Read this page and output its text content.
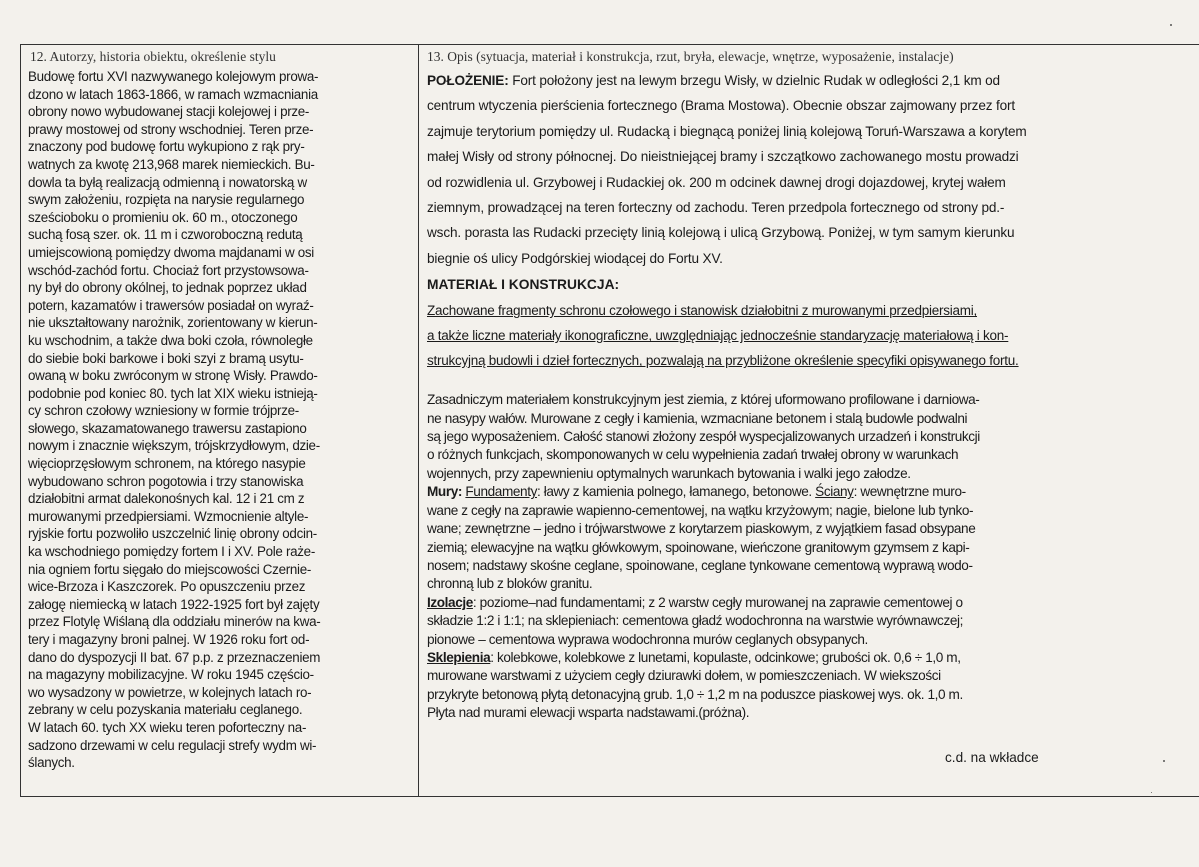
12. Autorzy, historia obiektu, określenie stylu	13. Opis (sytuacja, materiał i konstrukcja, rzut, bryła, elewacje, wnętrze, wyposażenie, instalacje)
Budowę fortu XVI nazwywanego kolejowym prowa-
dzono w latach 1863-1866, w ramach wzmacniania
obrony nowo wybudowanej stacji kolejowej i prze-
prawy mostowej od strony wschodniej. Teren prze-
znaczony pod budowę fortu wykupiono z rąk pry-
watnych za kwotę 213,968 marek niemieckich. Bu-
dowla ta byłą realizacją odmienną i nowatorską w
swym założeniu, rozpięta na narysie regularnego
sześcioboku o promieniu ok. 60 m., otoczonego
suchą fosą szer. ok. 11 m i czworoboczną redutą
umiejscowioną pomiędzy dwoma majdanami w osi
wschód-zachód fortu. Chociaż fort przystowsowa-
ny był do obrony okólnej, to jednak poprzez układ
potern, kazamatów i trawersów posiadał on wyraź-
nie ukształtowany narożnik, zorientowany w kierun-
ku wschodnim, a także dwa boki czoła, równoległe
do siebie boki barkowe i boki szyi z bramą usytu-
owaną w boku zwróconym w stronę Wisły. Prawdo-
podobnie pod koniec 80. tych lat XIX wieku istnieją-
cy schron czołowy wzniesiony w formie trójprze-
słowego, skazamatowanego trawersu zastapiono
nowym i znacznie większym, trójskrzydłowym, dzie-
więcioprzęsłowym schronem, na którego nasypie
wybudowano schron pogotowia i trzy stanowiska
działobitni armat dalekonośnych kal. 12 i 21 cm z
murowanymi przedpiersiami. Wzmocnienie altyle-
ryjskie fortu pozwoliło uszczelnić linię obrony odcin-
ka wschodniego pomiędzy fortem I i XV. Pole raże-
nia ogniem fortu sięgało do miejscowości Czernie-
wice-Brzoza i Kaszczorek. Po opuszczeniu przez
załogę niemiecką w latach 1922-1925 fort był zajęty
przez Flotylę Wiślaną dla oddziału minerów na kwa-
tery i magazyny broni palnej. W 1926 roku fort od-
dano do dyspozycji II bat. 67 p.p. z przeznaczeniem
na magazyny mobilizacyjne. W roku 1945 częścio-
wo wysadzony w powietrze, w kolejnych latach ro-
zebrany w celu pozyskania materiału ceglanego.
W latach 60. tych XX wieku teren poforteczny na-
sadzono drzewami w celu regulacji strefy wydm wi-
ślanych.
POŁOŻENIE: Fort położony jest na lewym brzegu Wisły, w dzielnic Rudak w odległości 2,1 km od
centrum wtyczenia pierścienia fortecznego (Brama Mostowa). Obecnie obszar zajmowany przez fort
zajmuje terytorium pomiędzy ul. Rudacką i biegnącą poniżej linią kolejową Toruń-Warszawa a korytem
małej Wisły od strony północnej. Do nieistniejącej bramy i szczątkowo zachowanego mostu prowadzi
od rozwidlenia ul. Grzybowej i Rudackiej ok. 200 m odcinek dawnej drogi dojazdowej, krytej wałem
ziemnym, prowadzącej na teren forteczny od zachodu. Teren przedpola fortecznego od strony pd.-
wsch. porasta las Rudacki przecięty linią kolejową i ulicą Grzybową. Poniżej, w tym samym kierunku
biegnie oś ulicy Podgórskiej wiodącej do Fortu XV.
MATERIAŁ I KONSTRUKCJA:
Zachowane fragmenty schronu czołowego i stanowisk działobitni z murowanymi przedpiersiami,
a także liczne materiały ikonograficzne, uwzględniając jednocześnie standaryzację materiałową i kon-
strukcyjną budowli i dzieł fortecznych, pozwalają na przybliżone określenie specyfiki opisywanego fortu.
Zasadniczym materiałem konstrukcyjnym jest ziemia, z której uformowano profilowane i darniowa-
ne nasypy wałów. Murowane z cegły i kamienia, wzmacniane betonem i stalą budowle podwalni
są jego wyposażeniem. Całość stanowi złożony zespół wyspecjalizowanych urzadzeń i konstrukcji
o różnych funkcjach, skomponowanych w celu wypełnienia zadań trwałej obrony w warunkach
wojennych, przy zapewnieniu optymalnych warunkach bytowania i walki jego załodze.
Mury: Fundamenty: ławy z kamienia polnego, łamanego, betonowe. Ściany: wewnętrzne muro-
wane z cegły na zaprawie wapienno-cementowej, na wątku krzyżowym; nagie, bielone lub tynko-
wane; zewnętrzne – jedno i trójwarstwowe z korytarzem piaskowym, z wyjątkiem fasad obsypane
ziemią; elewacyjne na wątku główkowym, spoinowane, wieńczone granitowym gzymsem z kapi-
nosem; nadstawy skośne ceglane, spoinowane, ceglane tynkowane cementową wyprawą wodo-
chronną lub z bloków granitu.
Izolacje: poziome–nad fundamentami; z 2 warstw cegły murowanej na zaprawie cementowej o
składzie 1:2 i 1:1; na sklepieniach: cementowa gładź wodochronna na warstwie wyrównawczej;
pionowe – cementowa wyprawa wodochronna murów ceglanych obsypanych.
Sklepienia: kolebkowe, kolebkowe z lunetami, kopulaste, odcinkowe; grubości ok. 0,6 ÷ 1,0 m,
murowane warstwami z użyciem cegły dziurawki dołem, w pomieszczeniach. W wiekszości
przykryte betonową płytą detonacyjną grub. 1,0 ÷ 1,2 m na poduszce piaskowej wys. ok. 1,0 m.
Płyta nad murami elewacji wsparta nadstawami.(próżna).
c.d. na wkładce
